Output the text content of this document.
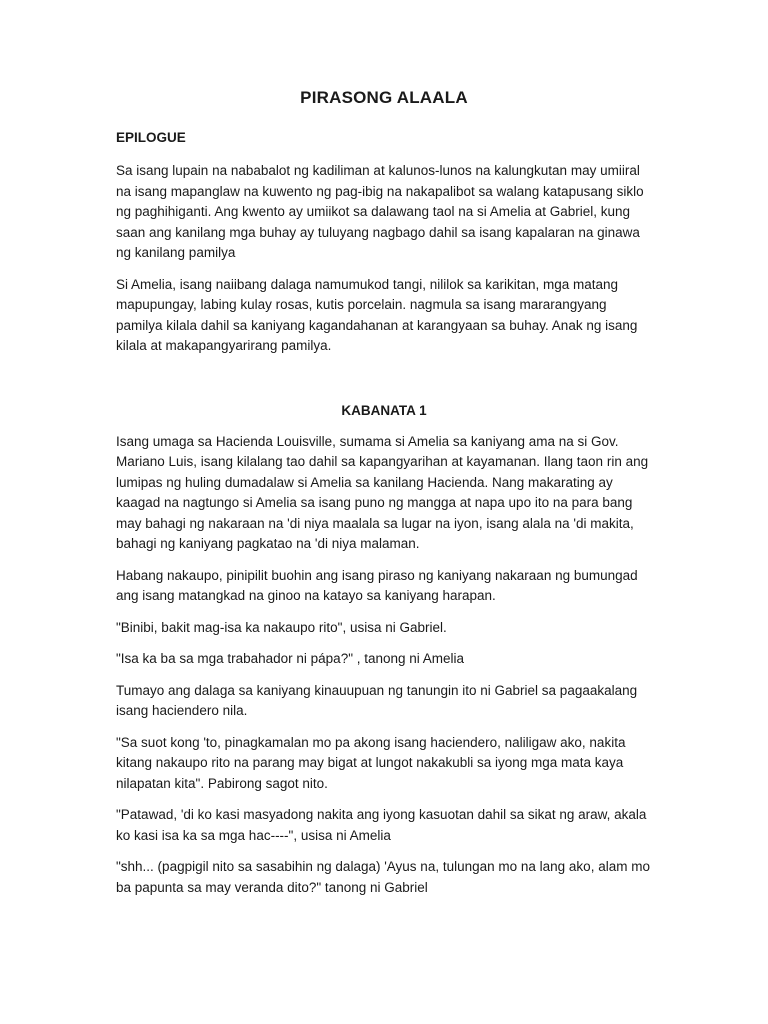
PIRASONG ALAALA
EPILOGUE

Sa isang lupain na nababalot ng kadiliman at kalunos-lunos na kalungkutan may umiiral na isang mapanglaw na kuwento ng pag-ibig na nakapalibot sa walang katapusang siklo ng paghihiganti. Ang kwento ay umiikot sa dalawang taol na si Amelia at Gabriel, kung saan ang kanilang mga buhay ay tuluyang nagbago dahil sa isang kapalaran na ginawa ng kanilang pamilya

Si Amelia, isang naiibang dalaga namumukod tangi, nililok sa karikitan, mga matang mapupungay, labing kulay rosas, kutis porcelain. nagmula sa isang mararangyang pamilya kilala dahil sa kaniyang kagandahanan at karangyaan sa buhay. Anak ng isang kilala at makapangyarirang pamilya.

KABANATA 1

Isang umaga sa Hacienda Louisville, sumama si Amelia sa kaniyang ama na si Gov. Mariano Luis, isang kilalang tao dahil sa kapangyarihan at kayamanan. Ilang taon rin ang lumipas ng huling dumadalaw si Amelia sa kanilang Hacienda. Nang makarating ay kaagad na nagtungo si Amelia sa isang puno ng mangga at napa upo ito na para bang may bahagi ng nakaraan na 'di niya maalala sa lugar na iyon, isang alala na 'di makita, bahagi ng kaniyang pagkatao na 'di niya malaman.

Habang nakaupo, pinipilit buohin ang isang piraso ng kaniyang nakaraan ng bumungad ang isang matangkad na ginoo na katayo sa kaniyang harapan.

"Binibi, bakit mag-isa ka nakaupo rito", usisa ni Gabriel.

"Isa ka ba sa mga trabahador ni pápa?" , tanong ni Amelia

Tumayo ang dalaga sa kaniyang kinauupuan ng tanungin ito ni Gabriel sa pagaakalang isang haciendero nila.

"Sa suot kong 'to, pinagkamalan mo pa akong isang haciendero, naliligaw ako, nakita kitang nakaupo rito na parang may bigat at lungot nakakubli sa iyong mga mata kaya nilapatan kita". Pabirong sagot nito.

"Patawad, 'di ko kasi masyadong nakita ang iyong kasuotan dahil sa sikat ng araw, akala ko kasi isa ka sa mga hac----", usisa ni Amelia

"shh... (pagpigil nito sa sasabihin ng dalaga) 'Ayus na, tulungan mo na lang ako, alam mo ba papunta sa may veranda dito?" tanong ni Gabriel
